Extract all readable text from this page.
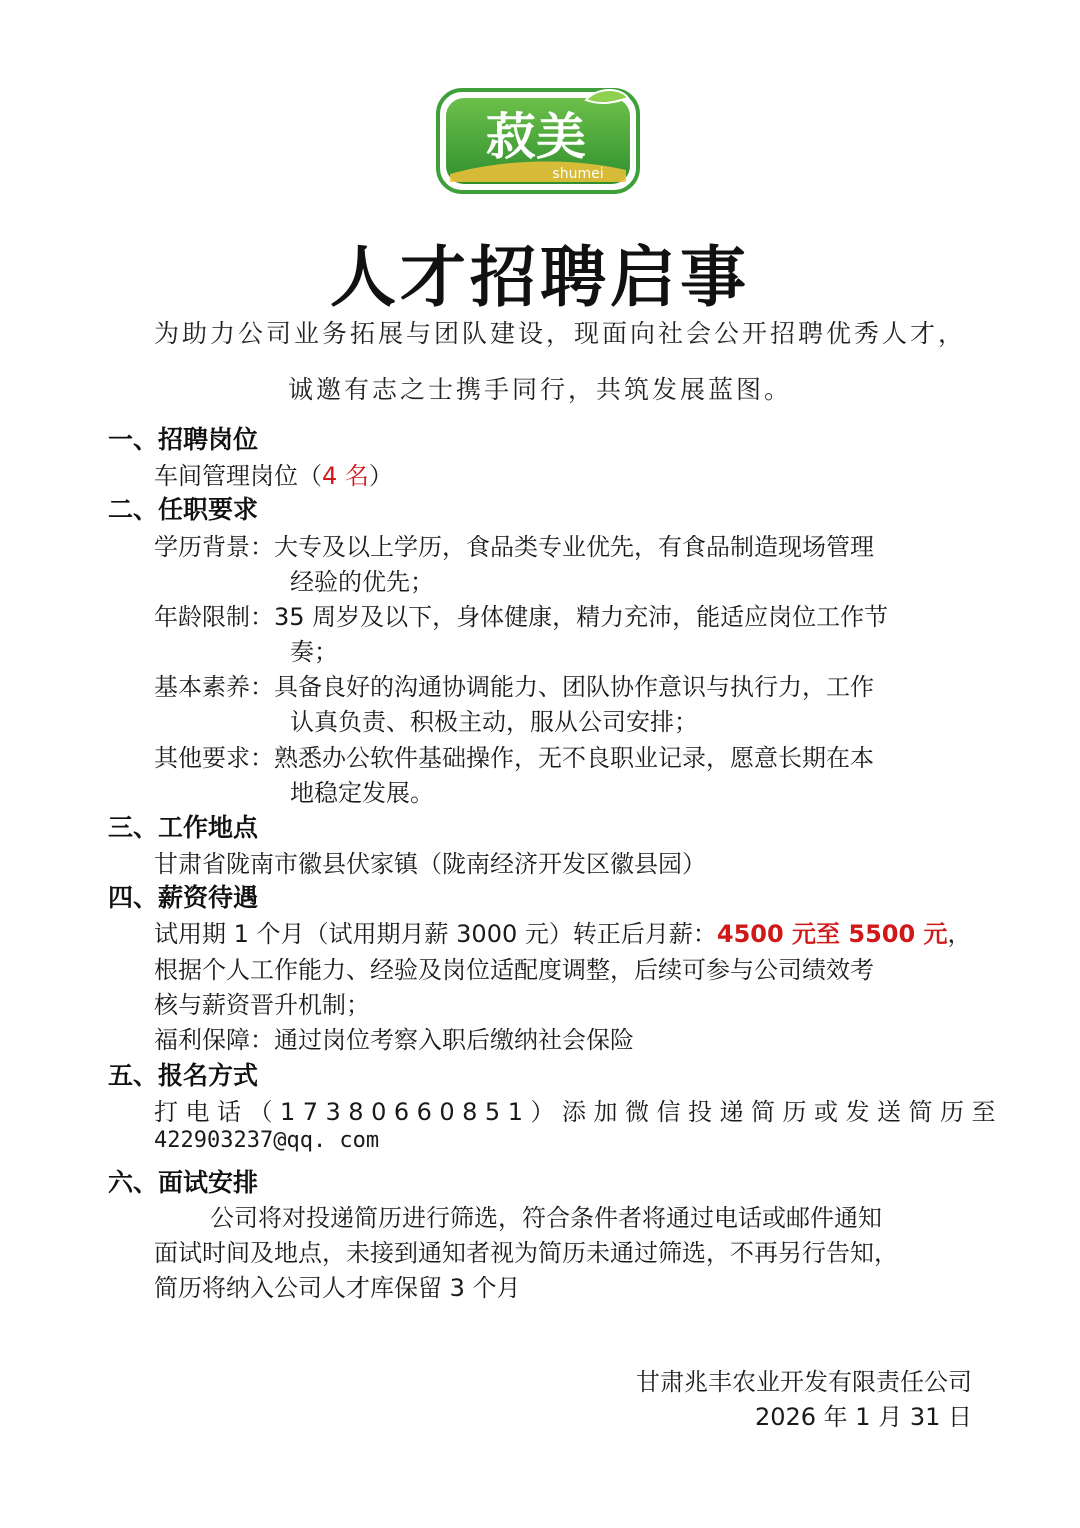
菽美
shumei
人才招聘启事
为助力公司业务拓展与团队建设，现面向社会公开招聘优秀人才，
诚邀有志之士携手同行，共筑发展蓝图。
一、招聘岗位
车间管理岗位（4 名）
二、任职要求
学历背景：大专及以上学历，食品类专业优先，有食品制造现场管理
经验的优先；
年龄限制：35 周岁及以下，身体健康，精力充沛，能适应岗位工作节
奏；
基本素养：具备良好的沟通协调能力、团队协作意识与执行力，工作
认真负责、积极主动，服从公司安排；
其他要求：熟悉办公软件基础操作，无不良职业记录，愿意长期在本
地稳定发展。
三、工作地点
甘肃省陇南市徽县伏家镇（陇南经济开发区徽县园）
四、薪资待遇
试用期 1 个月（试用期月薪 3000 元）转正后月薪：4500 元至 5500 元，
根据个人工作能力、经验及岗位适配度调整，后续可参与公司绩效考
核与薪资晋升机制；
福利保障：通过岗位考察入职后缴纳社会保险
五、报名方式
打电话（17380660851）添加微信投递简历或发送简历至
422903237@qq. com
六、面试安排
公司将对投递简历进行筛选，符合条件者将通过电话或邮件通知
面试时间及地点，未接到通知者视为简历未通过筛选，不再另行告知，
简历将纳入公司人才库保留 3 个月
甘肃兆丰农业开发有限责任公司
2026 年 1 月 31 日
